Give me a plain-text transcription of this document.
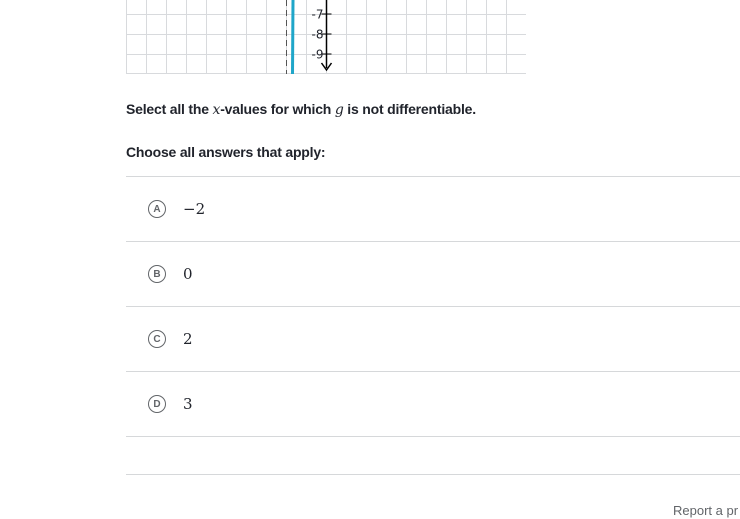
-7
-8
-9
Select all the x-values for which g is not differentiable.
Choose all answers that apply:
A	−2
B	0
C	2
D	3
Report a pr
